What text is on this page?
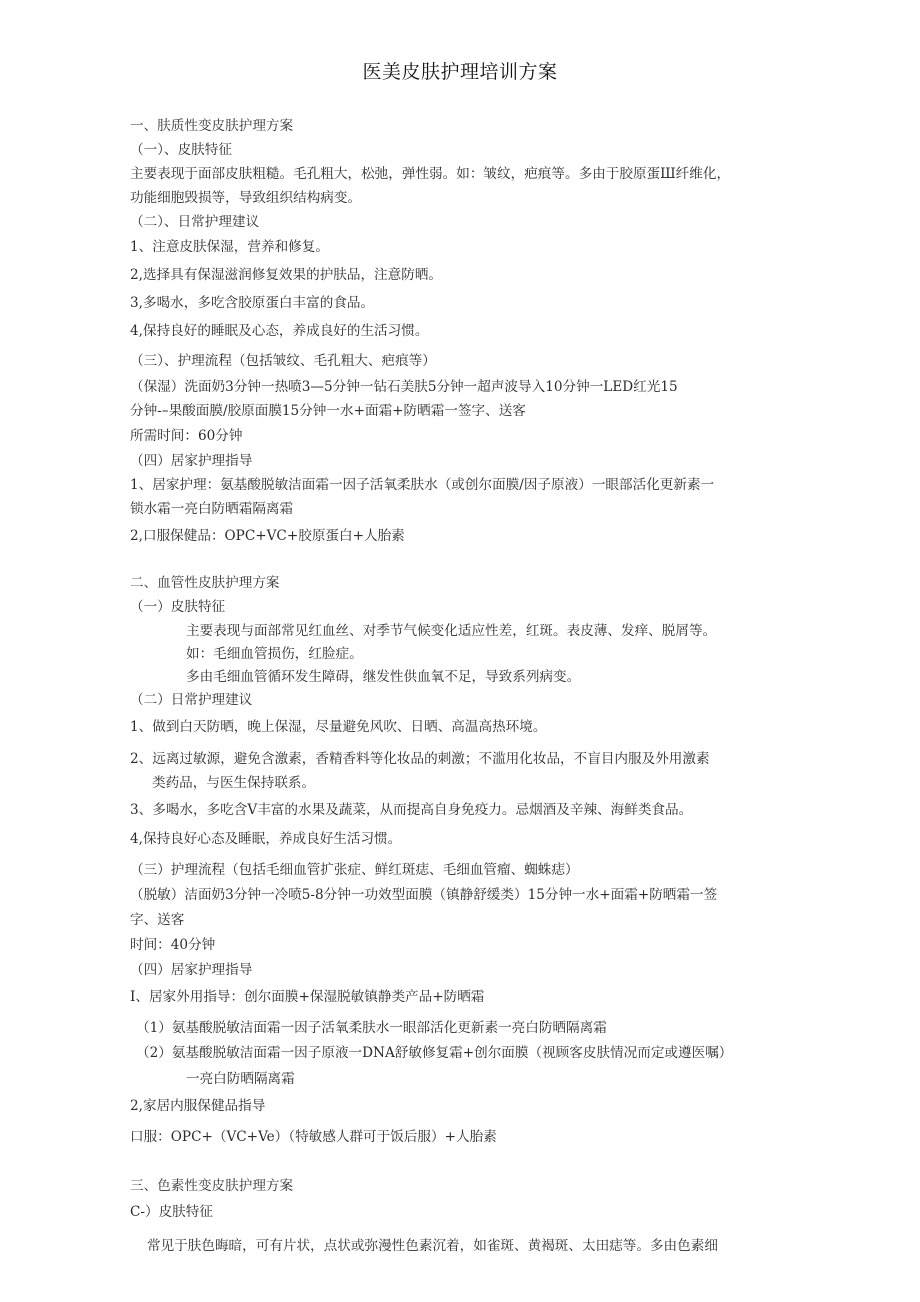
医美皮肤护理培训方案
一、肤质性变皮肤护理方案
（一）、皮肤特征
主要表现于面部皮肤粗糙。毛孔粗大，松弛，弹性弱。如：皱纹，疤痕等。多由于胶原蛋Ш纤维化，
功能细胞毁损等，导致组织结构病变。
（二）、日常护理建议
1、注意皮肤保湿，营养和修复。
2,选择具有保湿滋润修复效果的护肤品，注意防晒。
3,多喝水，多吃含胶原蛋白丰富的食品。
4,保持良好的睡眠及心态，养成良好的生活习惯。
（三）、护理流程（包括皱纹、毛孔粗大、疤痕等）
（保湿）洗面奶3分钟一热喷3—5分钟一钻石美肤5分钟一超声波导入10分钟一LED红光15
分钟-–果酸面膜/胶原面膜15分钟一水+面霜+防晒霜一签字、送客
所需时间：60分钟
（四）居家护理指导
1、居家护理：氨基酸脱敏洁面霜一因子活氧柔肤水（或创尔面膜/因子原液）一眼部活化更新素一
锁水霜一亮白防晒霜隔离霜
2,口服保健品：OPC+VC+胶原蛋白+人胎素
二、血管性皮肤护理方案
（一）皮肤特征
主要表现与面部常见红血丝、对季节气候变化适应性差，红斑。表皮薄、发痒、脱屑等。
如：毛细血管损伤，红脸症。
多由毛细血管循环发生障碍，继发性供血氧不足，导致系列病变。
（二）日常护理建议
1、做到白天防晒，晚上保湿，尽量避免风吹、日晒、高温高热环境。
2、远离过敏源，避免含激素，香精香料等化妆品的刺激；不滥用化妆品，不盲目内服及外用激素
类药品，与医生保持联系。
3、多喝水，多吃含V丰富的水果及蔬菜，从而提高自身免疫力。忌烟酒及辛辣、海鲜类食品。
4,保持良好心态及睡眠，养成良好生活习惯。
（三）护理流程（包括毛细血管扩张症、鲜红斑痣、毛细血管瘤、蜘蛛痣）
（脱敏）洁面奶3分钟一冷喷5-8分钟一功效型面膜（镇静舒缓类）15分钟一水+面霜+防晒霜一签
字、送客
时间：40分钟
（四）居家护理指导
I、居家外用指导：创尔面膜+保湿脱敏镇静类产品+防晒霜
（1）氨基酸脱敏洁面霜一因子活氧柔肤水一眼部活化更新素一亮白防晒隔离霜
（2）氨基酸脱敏洁面霜一因子原液一DNA舒敏修复霜+创尔面膜（视顾客皮肤情况而定或遵医嘱）
一亮白防晒隔离霜
2,家居内服保健品指导
口服：OPC+（VC+Ve）（特敏感人群可于饭后服）+人胎素
三、色素性变皮肤护理方案
C-）皮肤特征
常见于肤色晦暗，可有片状，点状或弥漫性色素沉着，如雀斑、黄褐斑、太田痣等。多由色素细
